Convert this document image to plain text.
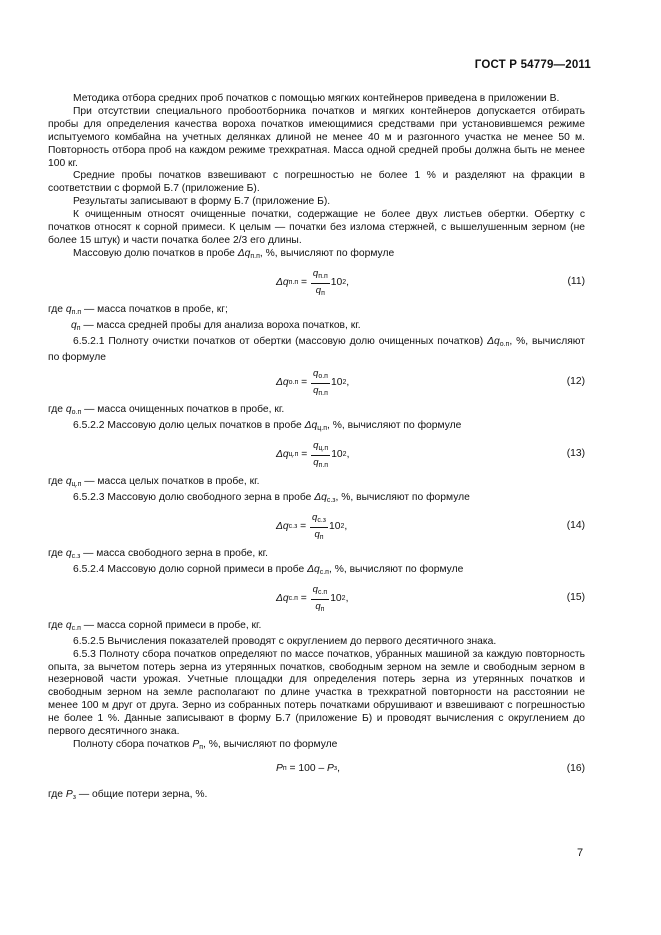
ГОСТ Р 54779—2011

Методика отбора средних проб початков с помощью мягких контейнеров приведена в приложении В.

При отсутствии специального пробоотборника початков и мягких контейнеров допускается отбирать пробы для определения качества вороха початков имеющимися средствами при установившемся режиме испытуемого комбайна на учетных делянках длиной не менее 40 м и разгонного участка не менее 50 м. Повторность отбора проб на каждом режиме трехкратная. Масса одной средней пробы должна быть не менее 100 кг.

Средние пробы початков взвешивают с погрешностью не более 1 % и разделяют на фракции в соответствии с формой Б.7 (приложение Б).

Результаты записывают в форму Б.7 (приложение Б).

К очищенным относят очищенные початки, содержащие не более двух листьев обертки. Обертку с початков относят к сорной примеси. К целым — початки без излома стержней, с вышелушенным зерном (не более 15 штук) и части початка более 2/3 его длины.

Массовую долю початков в пробе $\Delta q_{п.п}$, %, вычисляют по формуле

Δq $п.п = \frac{q_{п.п}}{q_п} 10$ 2 ,	(11)

где $q_{п.п}$ — масса початков в пробе, кг;

$q_п$ — масса средней пробы для анализа вороха початков, кг.

6.5.2.1 Полноту очистки початков от обертки (массовую долю очищенных початков) $\Delta q_{о.п}$, %, вычисляют по формуле

Δq $о.п = \frac{q_{о.п}}{q_{п.п}} 10$ 2 ,	(12)

где $q_{о.п}$ — масса очищенных початков в пробе, кг.

6.5.2.2 Массовую долю целых початков в пробе $\Delta q_{ц.п}$, %, вычисляют по формуле

Δq $ц.п = \frac{q_{ц.п}}{q_{п.п}} 10$ 2 ,	(13)

где $q_{ц.п}$ — масса целых початков в пробе, кг.

6.5.2.3 Массовую долю свободного зерна в пробе $\Delta q_{с.з}$, %, вычисляют по формуле

Δq $с.з = \frac{q_{с.з}}{q_п} 10$ 2 ,	(14)

где $q_{с.з}$ — масса свободного зерна в пробе, кг.

6.5.2.4 Массовую долю сорной примеси в пробе $\Delta q_{с.п}$, %, вычисляют по формуле

Δq $с.п = \frac{q_{с.п}}{q_п} 10$ 2 ,	(15)

где $q_{с.п}$ — масса сорной примеси в пробе, кг.

6.5.2.5 Вычисления показателей проводят с округлением до первого десятичного знака.

6.5.3 Полноту сбора початков определяют по массе початков, убранных машиной за каждую повторность опыта, за вычетом потерь зерна из утерянных початков, свободным зерном на земле и свободным зерном в незерновой части урожая. Учетные площадки для определения потерь зерна из утерянных початков и свободным зерном на земле располагают по длине участка в трехкратной повторности на расстоянии не менее 100 м друг от друга. Зерно из собранных потерь початками обрушивают и взвешивают с погрешностью не более 1 %. Данные записывают в форму Б.7 (приложение Б) и проводят вычисления с округлением до первого десятичного знака.

Полноту сбора початков $P_п$, %, вычисляют по формуле

P п = 100 – P з ,	(16)

где $P_з$ — общие потери зерна, %.

7
